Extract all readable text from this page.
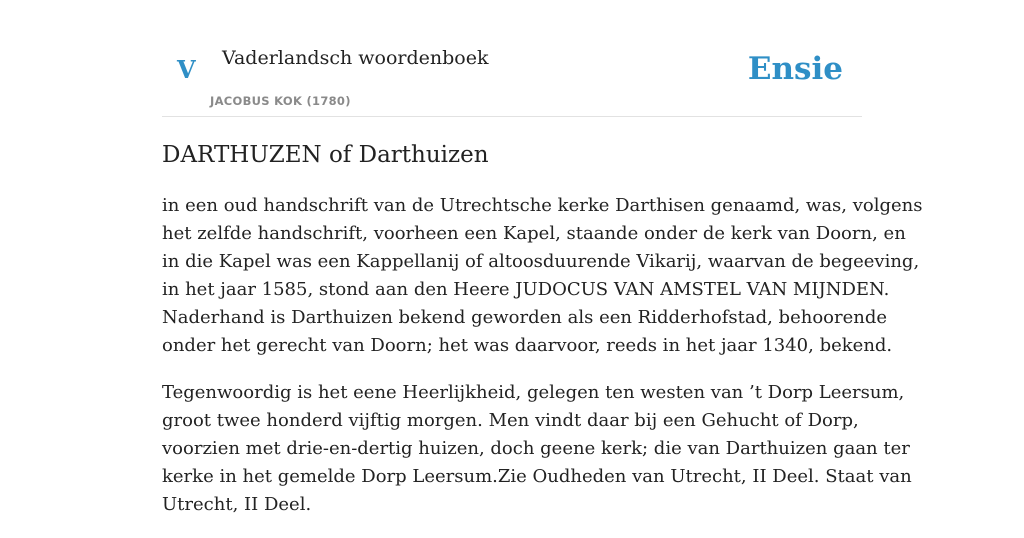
V Vaderlandsch woordenboek
JACOBUS KOK (1780)
Ensie
DARTHUZEN of Darthuizen

in een oud handschrift van de Utrechtsche kerke Darthisen genaamd, was, volgens
het zelfde handschrift, voorheen een Kapel, staande onder de kerk van Doorn, en
in die Kapel was een Kappellanij of altoosduurende Vikarij, waarvan de begeeving,
in het jaar 1585, stond aan den Heere JUDOCUS VAN AMSTEL VAN MIJNDEN.
Naderhand is Darthuizen bekend geworden als een Ridderhofstad, behoorende
onder het gerecht van Doorn; het was daarvoor, reeds in het jaar 1340, bekend.

Tegenwoordig is het eene Heerlijkheid, gelegen ten westen van ’t Dorp Leersum,
groot twee honderd vijftig morgen. Men vindt daar bij een Gehucht of Dorp,
voorzien met drie-en-dertig huizen, doch geene kerk; die van Darthuizen gaan ter
kerke in het gemelde Dorp Leersum.Zie Oudheden van Utrecht, II Deel. Staat van
Utrecht, II Deel.
